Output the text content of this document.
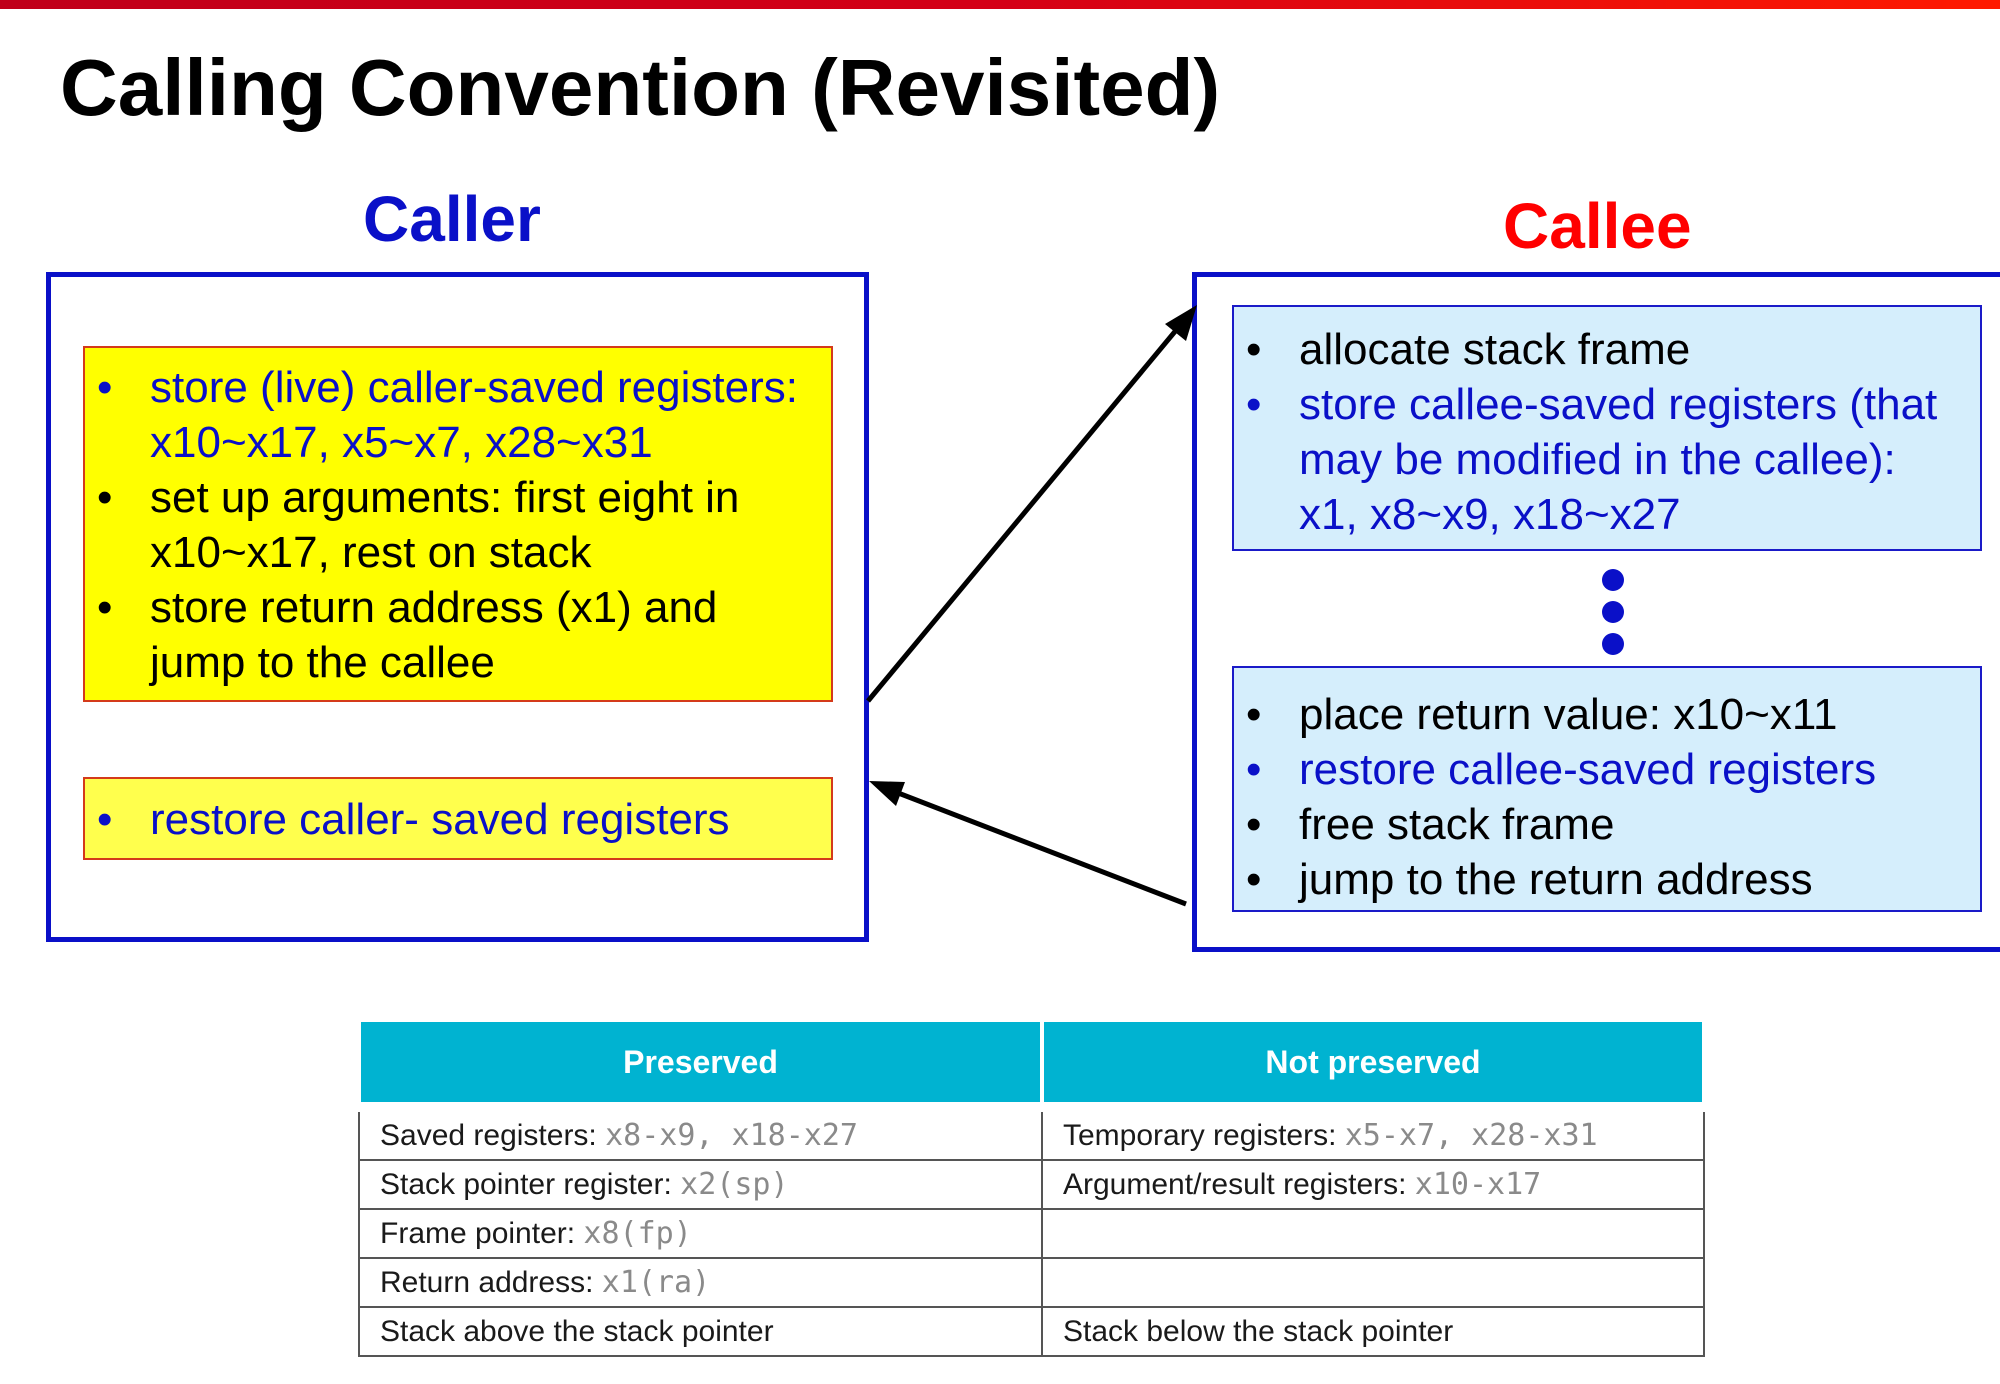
Calling Convention (Revisited)
Caller	Callee
• store (live) caller-saved registers:
x10~x17, x5~x7, x28~x31
• set up arguments: first eight in
x10~x17, rest on stack
• store return address (x1) and
jump to the callee
• restore caller- saved registers
• allocate stack frame
• store callee-saved registers (that
may be modified in the callee):
x1, x8~x9, x18~x27
• place return value: x10~x11
• restore callee-saved registers
• free stack frame
• jump to the return address
Preserved	Not preserved
Saved registers: x8-x9, x18-x27	Temporary registers: x5-x7, x28-x31
Stack pointer register: x2(sp)	Argument/result registers: x10-x17
Frame pointer: x8(fp)	
Return address: x1(ra)	
Stack above the stack pointer	Stack below the stack pointer
